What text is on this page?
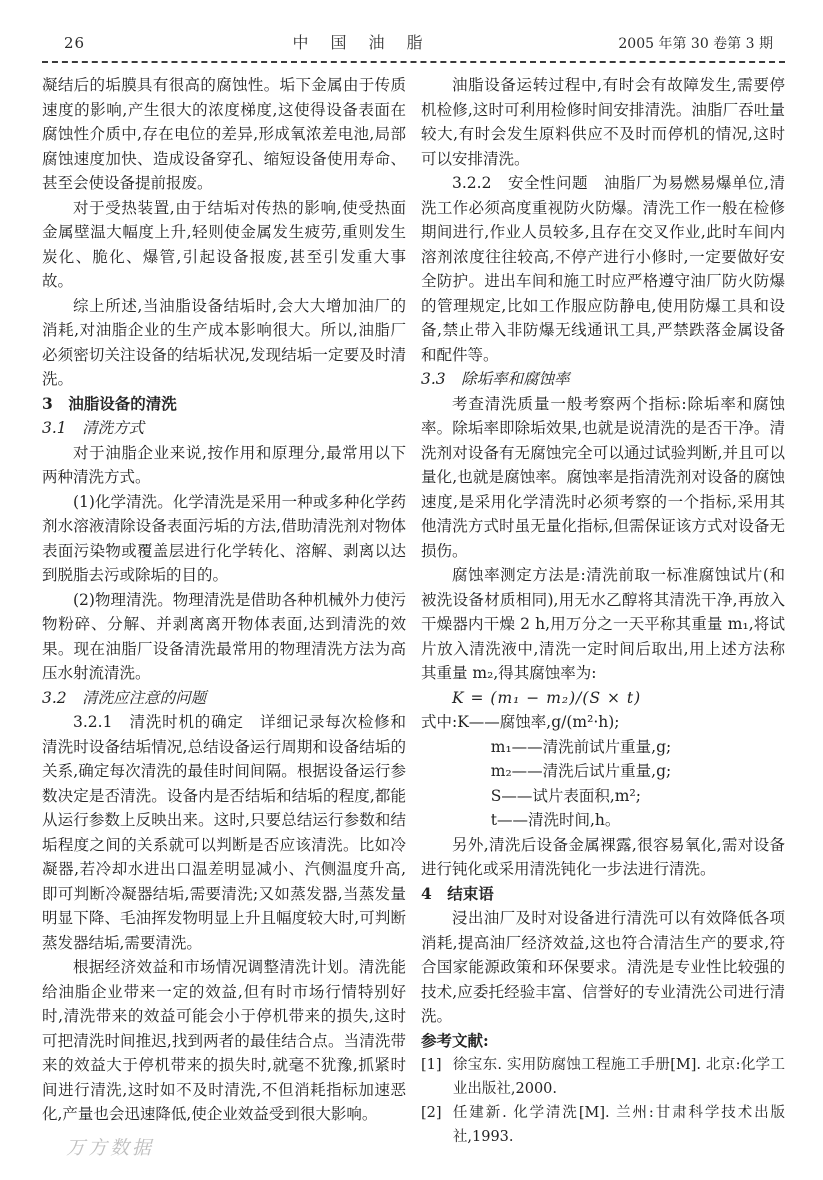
26	中国油脂	2005 年第 30 卷第 3 期

凝结后的垢膜具有很高的腐蚀性。垢下金属由于传质速度的影响,产生很大的浓度梯度,这使得设备表面在腐蚀性介质中,存在电位的差异,形成氧浓差电池,局部腐蚀速度加快、造成设备穿孔、缩短设备使用寿命、甚至会使设备提前报废。

对于受热装置,由于结垢对传热的影响,使受热面金属壁温大幅度上升,轻则使金属发生疲劳,重则发生炭化、脆化、爆管,引起设备报废,甚至引发重大事故。

综上所述,当油脂设备结垢时,会大大增加油厂的消耗,对油脂企业的生产成本影响很大。所以,油脂厂必须密切关注设备的结垢状况,发现结垢一定要及时清洗。

3　油脂设备的清洗

3.1　清洗方式

对于油脂企业来说,按作用和原理分,最常用以下两种清洗方式。

(1)化学清洗。化学清洗是采用一种或多种化学药剂水溶液清除设备表面污垢的方法,借助清洗剂对物体表面污染物或覆盖层进行化学转化、溶解、剥离以达到脱脂去污或除垢的目的。

(2)物理清洗。物理清洗是借助各种机械外力使污物粉碎、分解、并剥离离开物体表面,达到清洗的效果。现在油脂厂设备清洗最常用的物理清洗方法为高压水射流清洗。

3.2　清洗应注意的问题

3.2.1　清洗时机的确定　详细记录每次检修和清洗时设备结垢情况,总结设备运行周期和设备结垢的关系,确定每次清洗的最佳时间间隔。根据设备运行参数决定是否清洗。设备内是否结垢和结垢的程度,都能从运行参数上反映出来。这时,只要总结运行参数和结垢程度之间的关系就可以判断是否应该清洗。比如冷凝器,若冷却水进出口温差明显减小、汽侧温度升高,即可判断冷凝器结垢,需要清洗;又如蒸发器,当蒸发量明显下降、毛油挥发物明显上升且幅度较大时,可判断蒸发器结垢,需要清洗。

根据经济效益和市场情况调整清洗计划。清洗能给油脂企业带来一定的效益,但有时市场行情特别好时,清洗带来的效益可能会小于停机带来的损失,这时可把清洗时间推迟,找到两者的最佳结合点。当清洗带来的效益大于停机带来的损失时,就毫不犹豫,抓紧时间进行清洗,这时如不及时清洗,不但消耗指标加速恶化,产量也会迅速降低,使企业效益受到很大影响。

油脂设备运转过程中,有时会有故障发生,需要停机检修,这时可利用检修时间安排清洗。油脂厂吞吐量较大,有时会发生原料供应不及时而停机的情况,这时可以安排清洗。

3.2.2　安全性问题　油脂厂为易燃易爆单位,清洗工作必须高度重视防火防爆。清洗工作一般在检修期间进行,作业人员较多,且存在交叉作业,此时车间内溶剂浓度往往较高,不停产进行小修时,一定要做好安全防护。进出车间和施工时应严格遵守油厂防火防爆的管理规定,比如工作服应防静电,使用防爆工具和设备,禁止带入非防爆无线通讯工具,严禁跌落金属设备和配件等。

3.3　除垢率和腐蚀率

考查清洗质量一般考察两个指标:除垢率和腐蚀率。除垢率即除垢效果,也就是说清洗的是否干净。清洗剂对设备有无腐蚀完全可以通过试验判断,并且可以量化,也就是腐蚀率。腐蚀率是指清洗剂对设备的腐蚀速度,是采用化学清洗时必须考察的一个指标,采用其他清洗方式时虽无量化指标,但需保证该方式对设备无损伤。

腐蚀率测定方法是:清洗前取一标准腐蚀试片(和被洗设备材质相同),用无水乙醇将其清洗干净,再放入干燥器内干燥 2 h,用万分之一天平称其重量 m₁,将试片放入清洗液中,清洗一定时间后取出,用上述方法称其重量 m₂,得其腐蚀率为:

K = (m₁ − m₂)/(S × t)

式中:K——腐蚀率,g/(m²·h);

m₁——清洗前试片重量,g;

m₂——清洗后试片重量,g;

S——试片表面积,m²;

t——清洗时间,h。

另外,清洗后设备金属裸露,很容易氧化,需对设备进行钝化或采用清洗钝化一步法进行清洗。

4　结束语

浸出油厂及时对设备进行清洗可以有效降低各项消耗,提高油厂经济效益,这也符合清洁生产的要求,符合国家能源政策和环保要求。清洗是专业性比较强的技术,应委托经验丰富、信誉好的专业清洗公司进行清洗。

参考文献:

[1] 徐宝东. 实用防腐蚀工程施工手册[M]. 北京:化学工业出版社,2000.
[2] 任建新. 化学清洗[M]. 兰州:甘肃科学技术出版社,1993.
万方数据
